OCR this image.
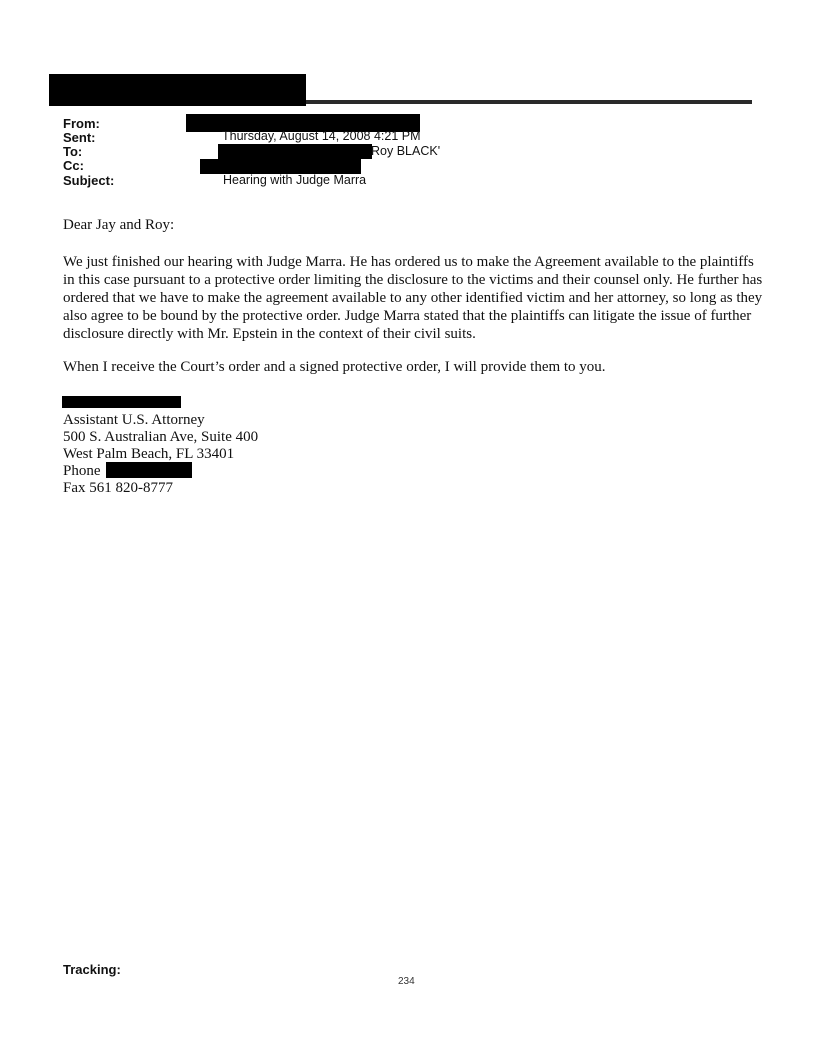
From:
Sent:
To:
Cc:
Subject:
Thursday, August 14, 2008 4:21 PM
Roy BLACK'
Hearing with Judge Marra
Dear Jay and Roy:

We just finished our hearing with Judge Marra. He has ordered us to make the Agreement available to the plaintiffs in this case pursuant to a protective order limiting the disclosure to the victims and their counsel only. He further has ordered that we have to make the agreement available to any other identified victim and her attorney, so long as they also agree to be bound by the protective order. Judge Marra stated that the plaintiffs can litigate the issue of further disclosure directly with Mr. Epstein in the context of their civil suits.

When I receive the Court’s order and a signed protective order, I will provide them to you.

Assistant U.S. Attorney
500 S. Australian Ave, Suite 400
West Palm Beach, FL 33401
Phone
Fax 561 820-8777
Tracking:
234
